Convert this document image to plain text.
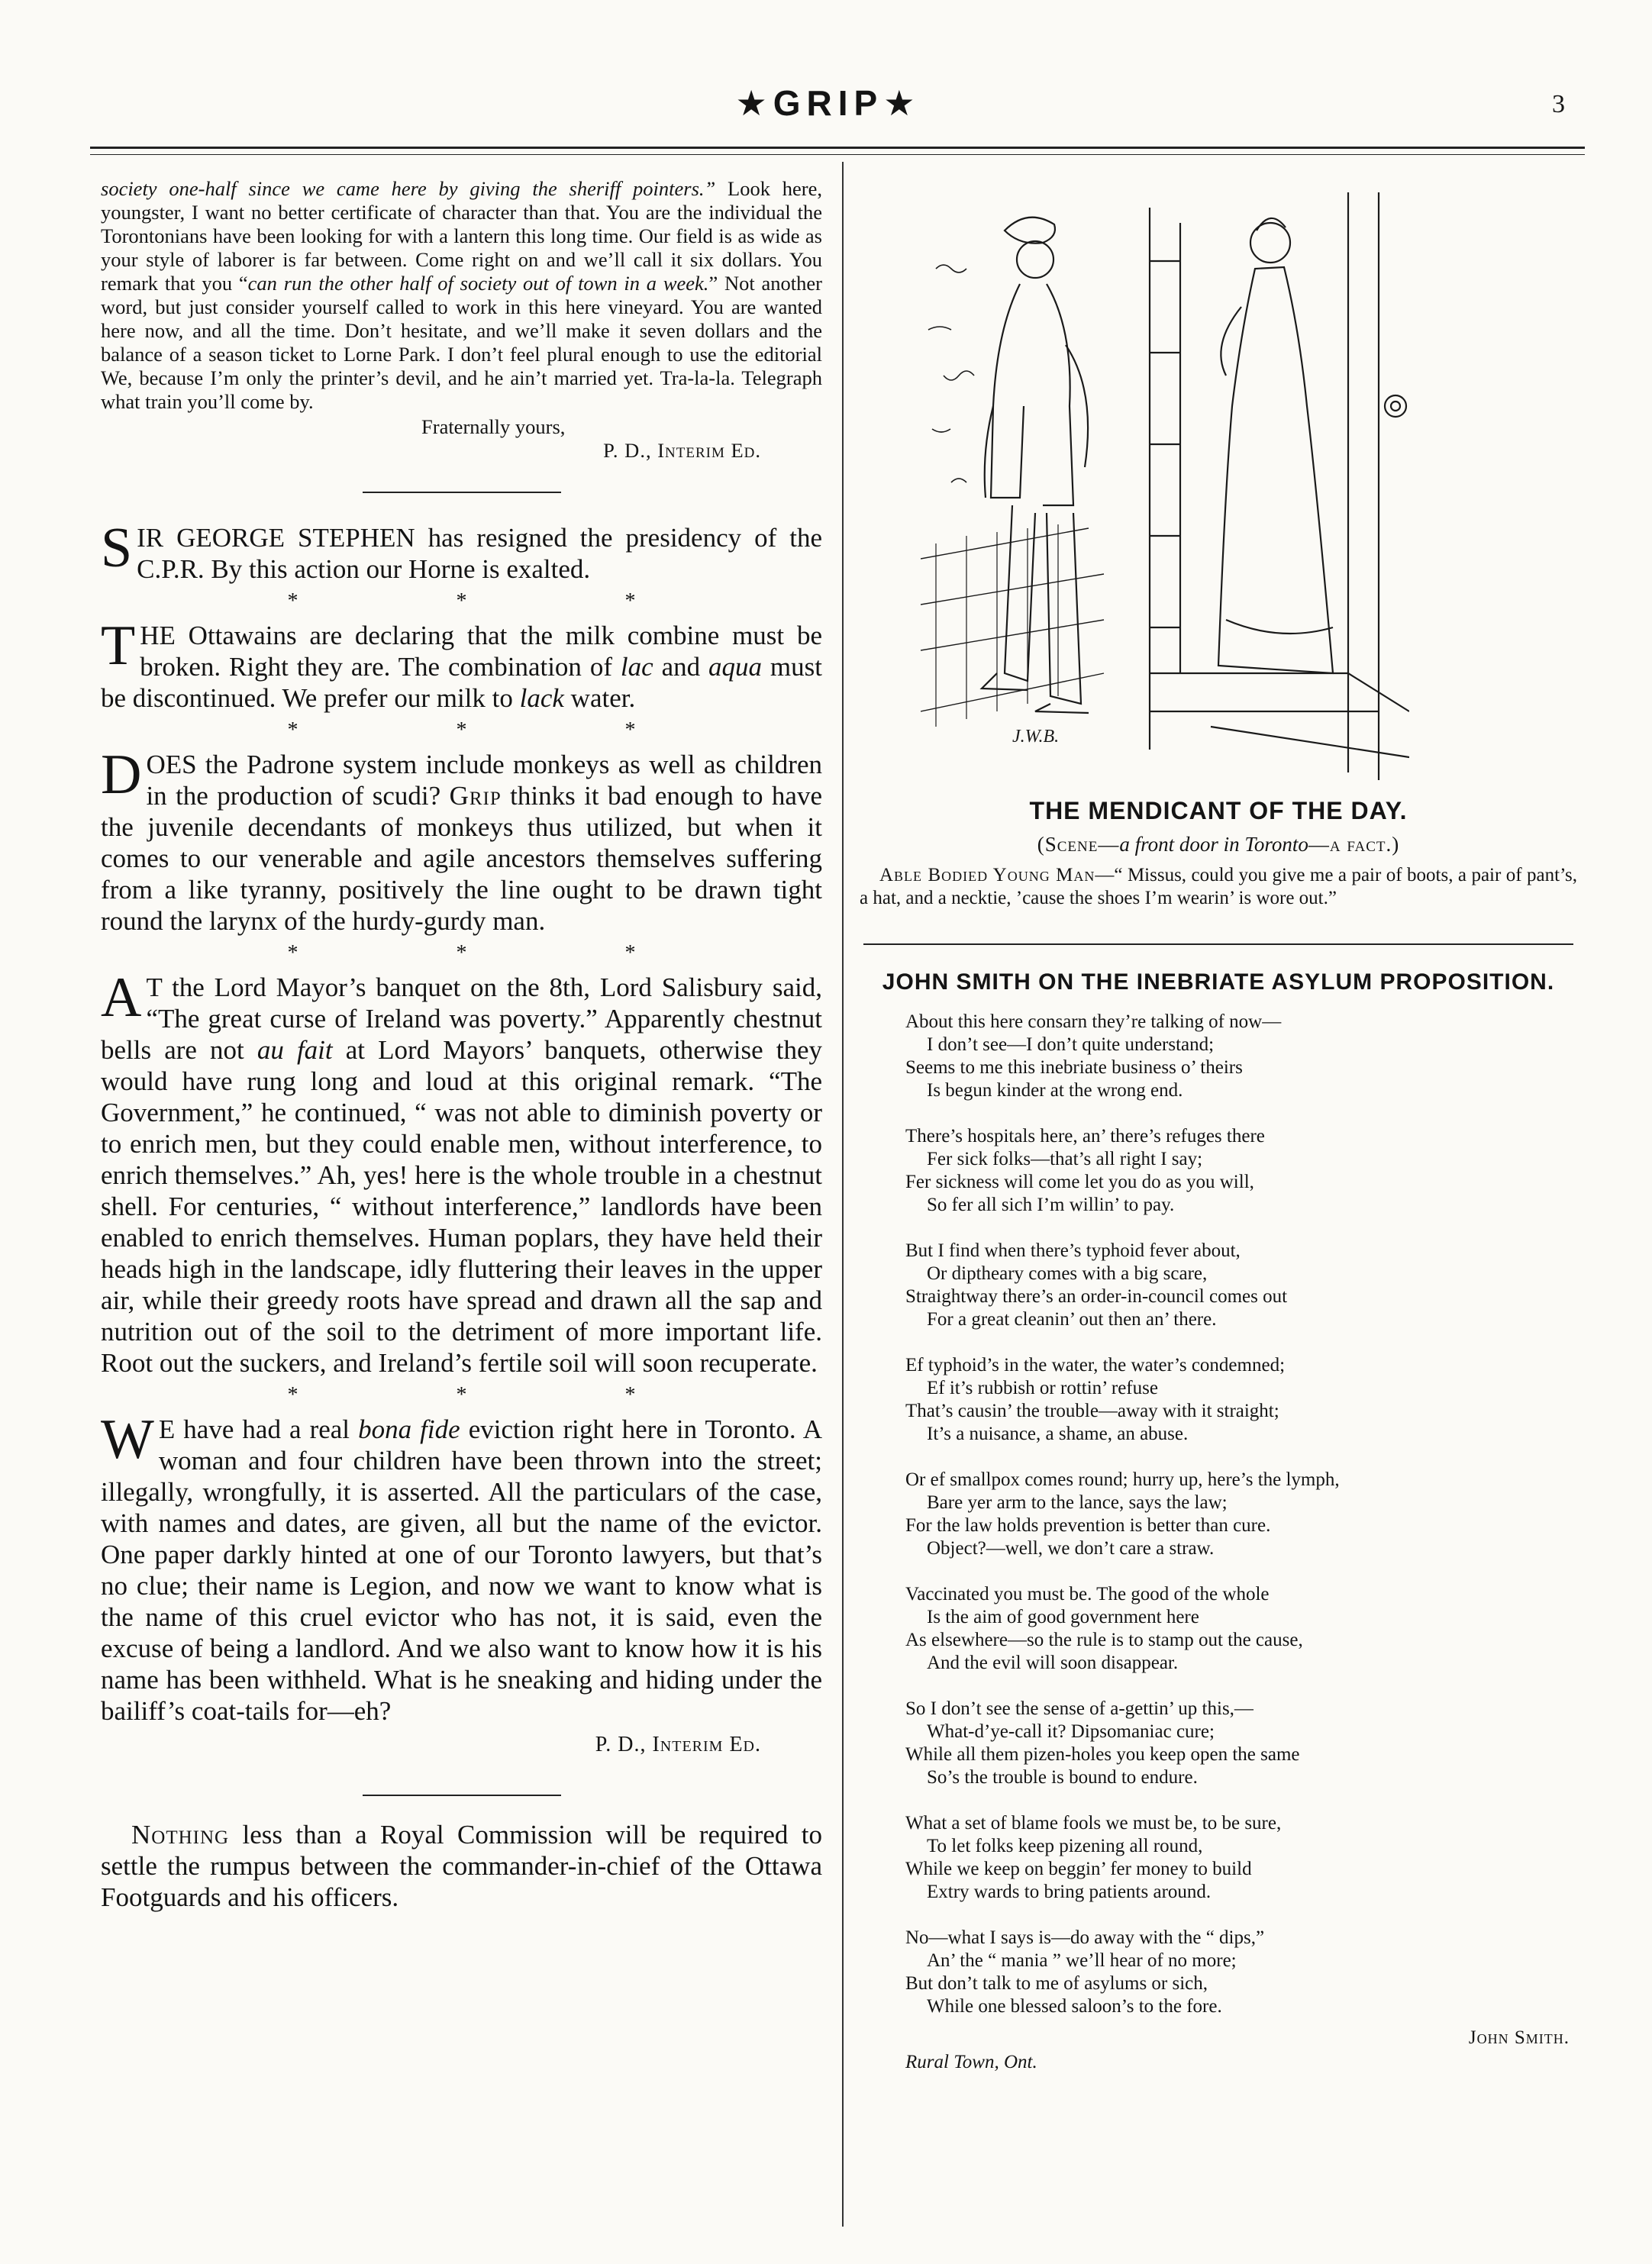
★GRIP★	3

society one-half since we came here by giving the sheriff pointers.” Look here, youngster, I want no better certificate of character than that. You are the individual the Torontonians have been looking for with a lantern this long time. Our field is as wide as your style of laborer is far between. Come right on and we’ll call it six dollars. You remark that you “can run the other half of society out of town in a week.” Not another word, but just consider yourself called to work in this here vineyard. You are wanted here now, and all the time. Don’t hesitate, and we’ll make it seven dollars and the balance of a season ticket to Lorne Park. I don’t feel plural enough to use the editorial We, because I’m only the printer’s devil, and he ain’t married yet. Tra-la-la. Telegraph what train you’ll come by.

Fraternally yours,

P. D., Interim Ed.

SIR GEORGE STEPHEN has resigned the presidency of the C.P.R. By this action our Horne is exalted.

* * *

THE Ottawains are declaring that the milk combine must be broken. Right they are. The combination of lac and aqua must be discontinued. We prefer our milk to lack water.

* * *

DOES the Padrone system include monkeys as well as children in the production of scudi? Grip thinks it bad enough to have the juvenile decendants of monkeys thus utilized, but when it comes to our venerable and agile ancestors themselves suffering from a like tyranny, positively the line ought to be drawn tight round the larynx of the hurdy-gurdy man.

* * *

A T the Lord Mayor’s banquet on the 8th, Lord Salisbury said, “The great curse of Ireland was poverty.” Apparently chestnut bells are not au fait at Lord Mayors’ banquets, otherwise they would have rung long and loud at this original remark. “The Government,” he continued, “ was not able to diminish poverty or to enrich men, but they could enable men, without interference, to enrich themselves.” Ah, yes! here is the whole trouble in a chestnut shell. For centuries, “ without interference,” landlords have been enabled to enrich themselves. Human poplars, they have held their heads high in the landscape, idly fluttering their leaves in the upper air, while their greedy roots have spread and drawn all the sap and nutrition out of the soil to the detriment of more important life. Root out the suckers, and Ireland’s fertile soil will soon recuperate.

* * *

W E have had a real bona fide eviction right here in Toronto. A woman and four children have been thrown into the street; illegally, wrongfully, it is asserted. All the particulars of the case, with names and dates, are given, all but the name of the evictor. One paper darkly hinted at one of our Toronto lawyers, but that’s no clue; their name is Legion, and now we want to know what is the name of this cruel evictor who has not, it is said, even the excuse of being a landlord. And we also want to know how it is his name has been withheld. What is he sneaking and hiding under the bailiff’s coat-tails for—eh?

P. D., Interim Ed.

Nothing less than a Royal Commission will be required to settle the rumpus between the commander-in-chief of the Ottawa Footguards and his officers.

J.W.B.
THE MENDICANT OF THE DAY.

(Scene—a front door in Toronto—a fact.)

Able Bodied Young Man—“ Missus, could you give me a pair of boots, a pair of pant’s, a hat, and a necktie, ’cause the shoes I’m wearin’ is wore out.”

JOHN SMITH ON THE INEBRIATE ASYLUM PROPOSITION.
About this here consarn they’re talking of now—
I don’t see—I don’t quite understand;
Seems to me this inebriate business o’ theirs
Is begun kinder at the wrong end.
There’s hospitals here, an’ there’s refuges there
Fer sick folks—that’s all right I say;
Fer sickness will come let you do as you will,
So fer all sich I’m willin’ to pay.
But I find when there’s typhoid fever about,
Or diptheary comes with a big scare,
Straightway there’s an order-in-council comes out
For a great cleanin’ out then an’ there.
Ef typhoid’s in the water, the water’s condemned;
Ef it’s rubbish or rottin’ refuse
That’s causin’ the trouble—away with it straight;
It’s a nuisance, a shame, an abuse.
Or ef smallpox comes round; hurry up, here’s the lymph,
Bare yer arm to the lance, says the law;
For the law holds prevention is better than cure.
Object?—well, we don’t care a straw.
Vaccinated you must be. The good of the whole
Is the aim of good government here
As elsewhere—so the rule is to stamp out the cause,
And the evil will soon disappear.
So I don’t see the sense of a-gettin’ up this,—
What-d’ye-call it? Dipsomaniac cure;
While all them pizen-holes you keep open the same
So’s the trouble is bound to endure.
What a set of blame fools we must be, to be sure,
To let folks keep pizening all round,
While we keep on beggin’ fer money to build
Extry wards to bring patients around.
No—what I says is—do away with the “ dips,”
An’ the “ mania ” we’ll hear of no more;
But don’t talk to me of asylums or sich,
While one blessed saloon’s to the fore.
John Smith.
Rural Town, Ont.
